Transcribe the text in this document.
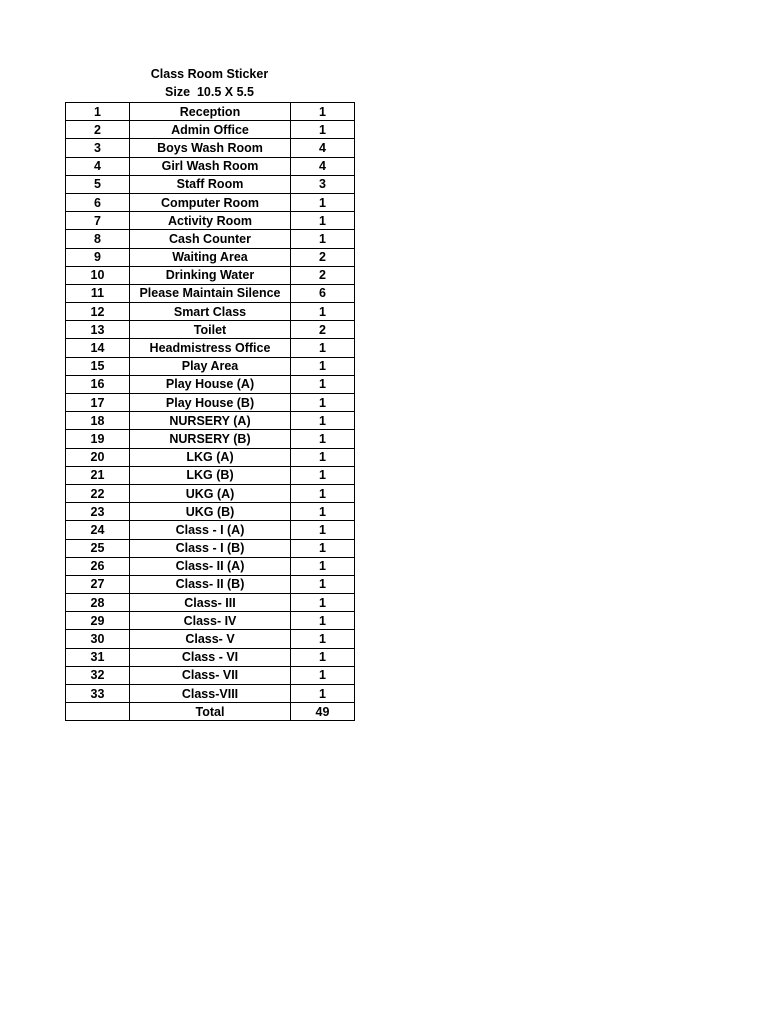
Class Room Sticker
Size  10.5 X 5.5
1	Reception	1
2	Admin Office	1
3	Boys Wash Room	4
4	Girl Wash Room	4
5	Staff Room	3
6	Computer Room	1
7	Activity Room	1
8	Cash Counter	1
9	Waiting Area	2
10	Drinking Water	2
11	Please Maintain Silence	6
12	Smart Class	1
13	Toilet	2
14	Headmistress Office	1
15	Play Area	1
16	Play House (A)	1
17	Play House (B)	1
18	NURSERY (A)	1
19	NURSERY (B)	1
20	LKG (A)	1
21	LKG (B)	1
22	UKG (A)	1
23	UKG (B)	1
24	Class - I (A)	1
25	Class - I (B)	1
26	Class- II (A)	1
27	Class- II (B)	1
28	Class- III	1
29	Class- IV	1
30	Class- V	1
31	Class - VI	1
32	Class- VII	1
33	Class-VIII	1
	Total	49
